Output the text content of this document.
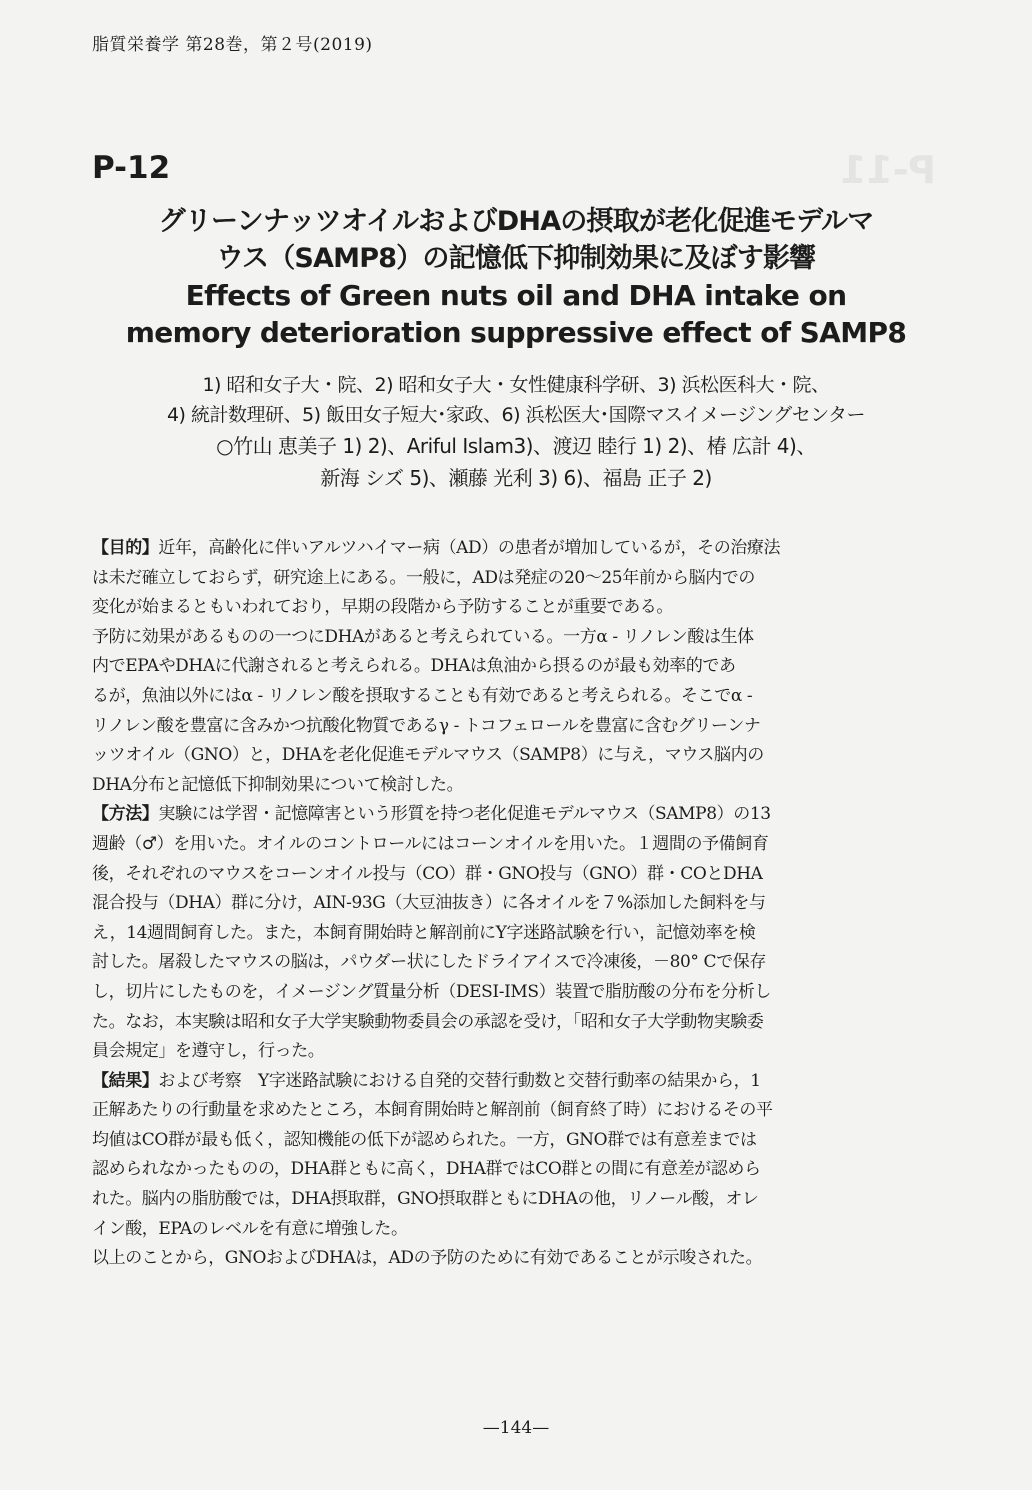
P-11
脂質栄養学 第28巻，第２号(2019)
P-12
グリーンナッツオイルおよびDHAの摂取が老化促進モデルマ
ウス（SAMP8）の記憶低下抑制効果に及ぼす影響
Effects of Green nuts oil and DHA intake on
memory deterioration suppressive effect of SAMP8
1) 昭和女子大・院、2) 昭和女子大・女性健康科学研、3) 浜松医科大・院、
4) 統計数理研、5) 飯田女子短大･家政、6) 浜松医大･国際マスイメージングセンター
○竹山 恵美子 1) 2)、Ariful Islam3)、渡辺 睦行 1) 2)、椿 広計 4)、
新海 シズ 5)、瀬藤 光利 3) 6)、福島 正子 2)
【目的】近年，高齢化に伴いアルツハイマー病（AD）の患者が増加しているが，その治療法
は未だ確立しておらず，研究途上にある。一般に，ADは発症の20～25年前から脳内での
変化が始まるともいわれており，早期の段階から予防することが重要である。
予防に効果があるものの一つにDHAがあると考えられている。一方α - リノレン酸は生体
内でEPAやDHAに代謝されると考えられる。DHAは魚油から摂るのが最も効率的であ
るが，魚油以外にはα - リノレン酸を摂取することも有効であると考えられる。そこでα -
リノレン酸を豊富に含みかつ抗酸化物質であるγ - トコフェロールを豊富に含むグリーンナ
ッツオイル（GNO）と，DHAを老化促進モデルマウス（SAMP8）に与え，マウス脳内の
DHA分布と記憶低下抑制効果について検討した。
【方法】実験には学習・記憶障害という形質を持つ老化促進モデルマウス（SAMP8）の13
週齢（♂）を用いた。オイルのコントロールにはコーンオイルを用いた。１週間の予備飼育
後，それぞれのマウスをコーンオイル投与（CO）群・GNO投与（GNO）群・COとDHA
混合投与（DHA）群に分け，AIN-93G（大豆油抜き）に各オイルを７%添加した飼料を与
え，14週間飼育した。また，本飼育開始時と解剖前にY字迷路試験を行い，記憶効率を検
討した。屠殺したマウスの脳は，パウダー状にしたドライアイスで冷凍後，－80° Cで保存
し，切片にしたものを，イメージング質量分析（DESI-IMS）装置で脂肪酸の分布を分析し
た。なお，本実験は昭和女子大学実験動物委員会の承認を受け，「昭和女子大学動物実験委
員会規定」を遵守し，行った。
【結果】および考察　Y字迷路試験における自発的交替行動数と交替行動率の結果から，1
正解あたりの行動量を求めたところ，本飼育開始時と解剖前（飼育終了時）におけるその平
均値はCO群が最も低く，認知機能の低下が認められた。一方，GNO群では有意差までは
認められなかったものの，DHA群ともに高く，DHA群ではCO群との間に有意差が認めら
れた。脳内の脂肪酸では，DHA摂取群，GNO摂取群ともにDHAの他，リノール酸，オレ
イン酸，EPAのレベルを有意に増強した。
以上のことから，GNOおよびDHAは，ADの予防のために有効であることが示唆された。
—144—
